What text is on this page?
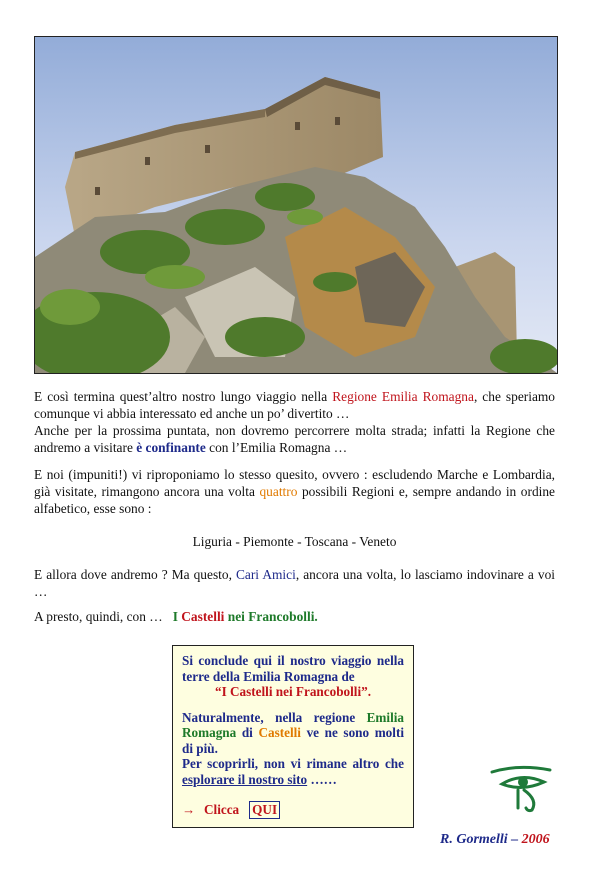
E così termina quest’altro nostro lungo viaggio nella Regione Emilia Romagna, che speriamo comunque vi abbia interessato ed anche un po’ divertito …
Anche per la prossima puntata, non dovremo percorrere molta strada; infatti la Regione che andremo a visitare è confinante con l’Emilia Romagna …
E noi (impuniti!) vi riproponiamo lo stesso quesito, ovvero : escludendo Marche e Lombardia, già visitate, rimangono ancora una volta quattro possibili Regioni e, sempre andando in ordine alfabetico, esse sono :
Liguria - Piemonte - Toscana - Veneto
E allora dove andremo ? Ma questo, Cari Amici, ancora una volta, lo lasciamo indovinare a voi …
A presto, quindi, con … I Castelli nei Francobolli.
Si conclude qui il nostro viaggio nella terre della Emilia Romagna de
“I Castelli nei Francobolli”.
Naturalmente, nella regione Emilia Romagna di Castelli ve ne sono molti di più.
Per scoprirli, non vi rimane altro che esplorare il nostro sito ……
→ Clicca QUI
R. Gormelli – 2006
